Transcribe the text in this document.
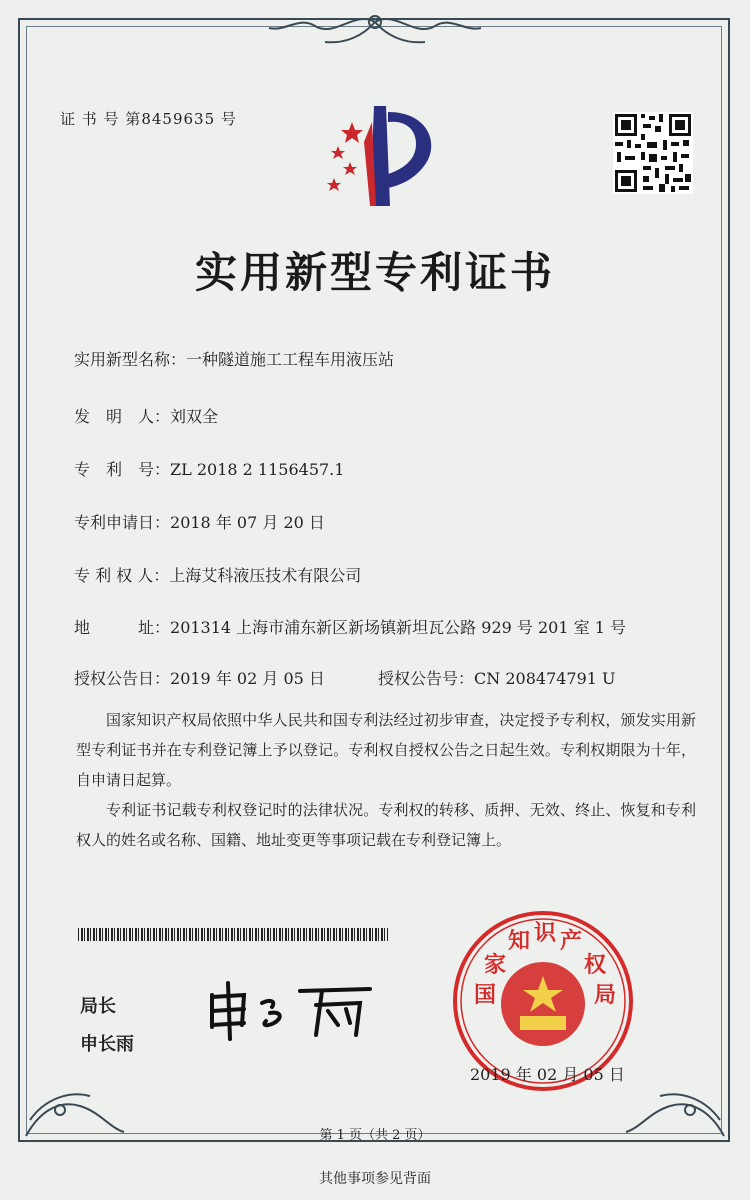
证 书 号 第8459635 号
实用新型专利证书
实用新型名称：一种隧道施工工程车用液压站
发　明　人：刘双全
专　利　号：ZL 2018 2 1156457.1
专利申请日：2018 年 07 月 20 日
专 利 权 人：上海艾科液压技术有限公司
地　　　址：201314 上海市浦东新区新场镇新坦瓦公路 929 号 201 室 1 号
授权公告日：2019 年 02 月 05 日	授权公告号：CN 208474791 U

国家知识产权局依照中华人民共和国专利法经过初步审查，决定授予专利权，颁发实用新型专利证书并在专利登记簿上予以登记。专利权自授权公告之日起生效。专利权期限为十年，自申请日起算。

专利证书记载专利权登记时的法律状况。专利权的转移、质押、无效、终止、恢复和专利权人的姓名或名称、国籍、地址变更等事项记载在专利登记簿上。

局长
申长雨
国
家
知 识 产
权
局
2019 年 02 月 05 日
第 1 页（共 2 页）
其他事项参见背面
